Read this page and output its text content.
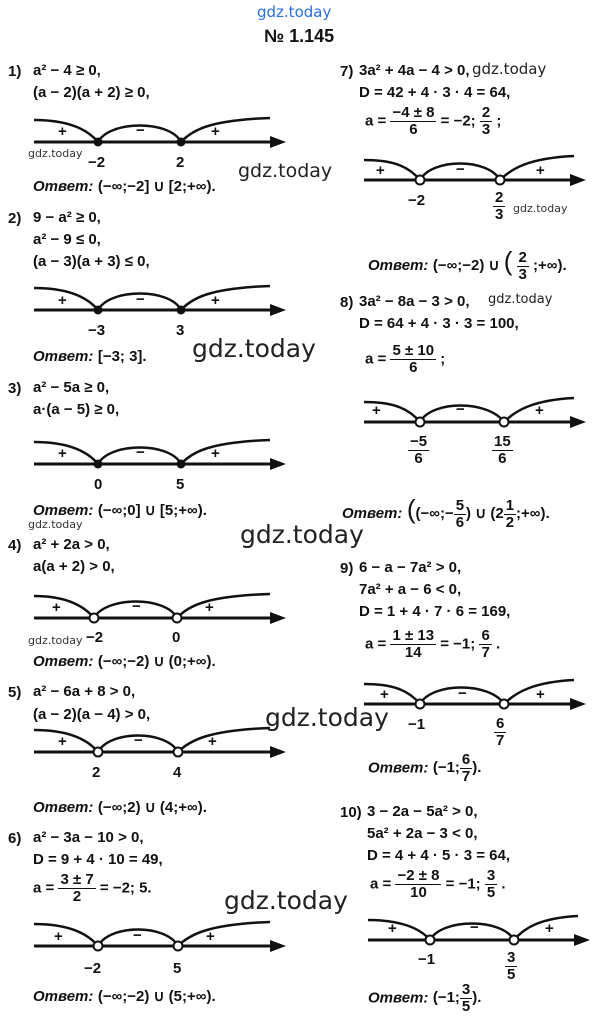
gdz.today
№ 1.145
1) a² − 4 ≥ 0,
(a − 2)(a + 2) ≥ 0,
+	−	+
gdz.today
−2	2	gdz.today
Ответ: (−∞;−2] ∪ [2;+∞).
2) 9 − a² ≥ 0,
a² − 9 ≤ 0,
(a − 3)(a + 3) ≤ 0,
+	−	+
−3	3
Ответ: [−3; 3]. gdz.today
3) a² − 5a ≥ 0,
a·(a − 5) ≥ 0,
+	−	+
0	5
Ответ: (−∞;0] ∪ [5;+∞).
gdz.today	gdz.today
4) a² + 2a > 0,
a(a + 2) > 0,
+	−	+
gdz.today −2	0
Ответ: (−∞;−2) ∪ (0;+∞).
5) a² − 6a + 8 > 0,
(a − 2)(a − 4) > 0,	gdz.today
+	−	+
2	4
Ответ: (−∞;2) ∪ (4;+∞).
6) a² − 3a − 10 > 0,
D = 9 + 4 · 10 = 49,
$a = \frac{3 \pm 7}{2} = -2$; 5.	gdz.today
+	−	+
−2	5
Ответ: (−∞;−2) ∪ (5;+∞).
7) 3a² + 4a − 4 > 0, gdz.today
D = 42 + 4 · 3 · 4 = 64,
$a = \frac{-4 \pm 8}{6} = -2$; $\frac{2}{3}$ ;
+	−	+
−2	$\frac{2}{3}$ gdz.today
Ответ: (−∞;−2) ∪ ( $\frac{2}{3}$ ;+∞).
8) 3a² − 8a − 3 > 0, gdz.today
D = 64 + 4 · 3 · 3 = 100,
$a = \frac{5 \pm 10}{6}$ ;
+	−	+
$\frac{-5}{6}$	$\frac{15}{6}$
Ответ: ((−∞;− $\frac{5}{6}$ ) ∪ ($2 \frac{1}{2}$ ;+∞).
9) 6 − a − 7a² > 0,
7a² + a − 6 < 0,
D = 1 + 4 · 7 · 6 = 169,
$a = \frac{1 \pm 13}{14} = -1$; $\frac{6}{7}$ .
+	−	+
−1	$\frac{6}{7}$
Ответ: (−1; $\frac{6}{7}$ ).
10) 3 − 2a − 5a² > 0,
5a² + 2a − 3 < 0,
D = 4 + 4 · 5 · 3 = 64,
$a = \frac{-2 \pm 8}{10} = -1$; $\frac{3}{5}$ .
+	−	+
−1	$\frac{3}{5}$
Ответ: (−1; $\frac{3}{5}$ ).
